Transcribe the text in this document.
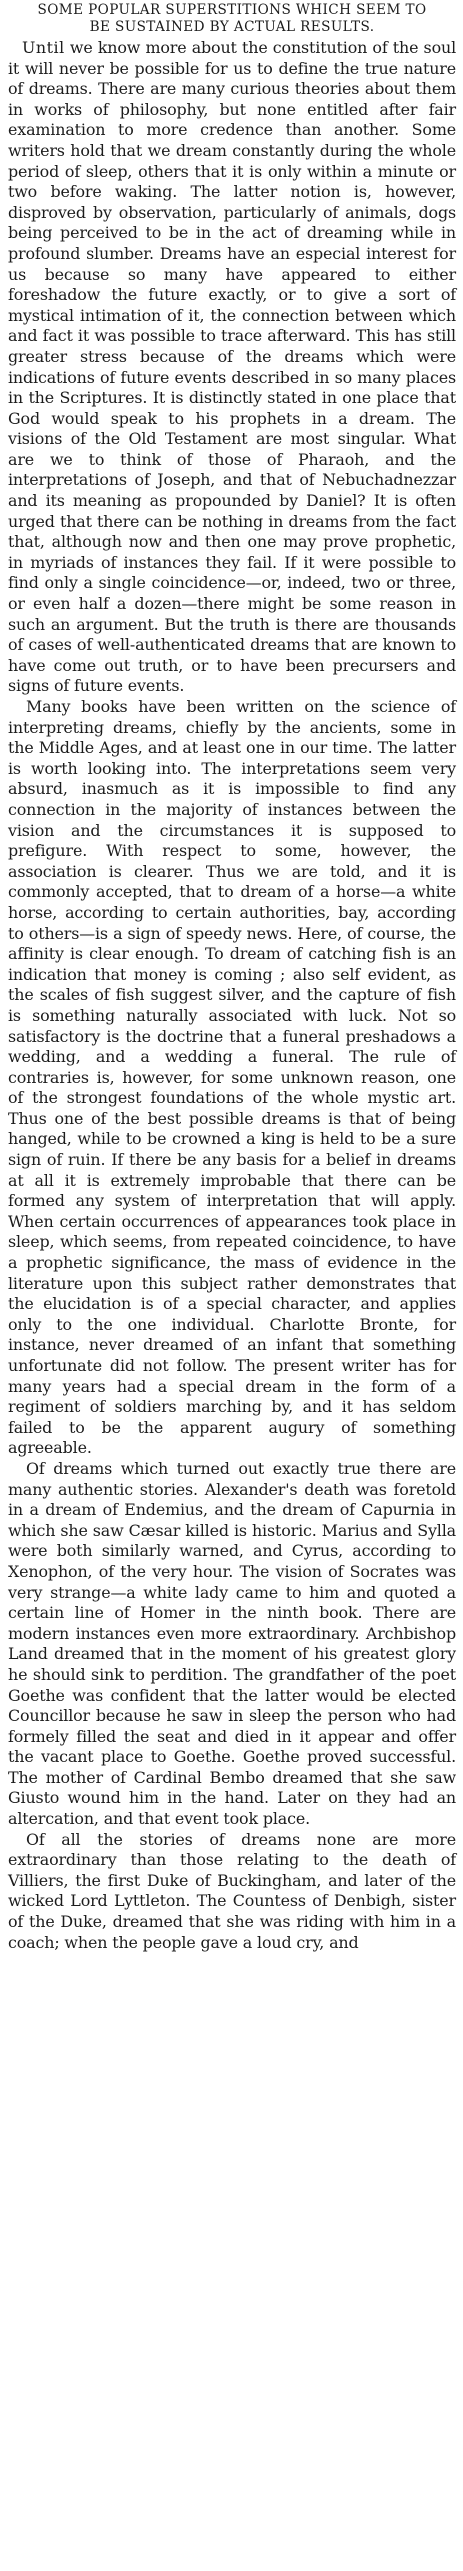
SOME POPULAR SUPERSTITIONS WHICH SEEM TO
BE SUSTAINED BY ACTUAL RESULTS.

Until we know more about the constitution of the soul it will never be possible for us to define the true nature of dreams. There are many curious theories about them in works of philosophy, but none entitled after fair examination to more credence than another. Some writers hold that we dream constantly during the whole period of sleep, others that it is only within a minute or two before waking. The latter notion is, however, disproved by observation, particularly of animals, dogs being perceived to be in the act of dreaming while in profound slumber. Dreams have an especial interest for us because so many have appeared to either foreshadow the future exactly, or to give a sort of mystical intimation of it, the connection between which and fact it was possible to trace afterward. This has still greater stress because of the dreams which were indications of future events described in so many places in the Scriptures. It is distinctly stated in one place that God would speak to his prophets in a dream. The visions of the Old Testament are most singular. What are we to think of those of Pharaoh, and the interpretations of Joseph, and that of Nebuchadnezzar and its meaning as propounded by Daniel? It is often urged that there can be nothing in dreams from the fact that, although now and then one may prove prophetic, in myriads of instances they fail. If it were possible to find only a single coincidence—or, indeed, two or three, or even half a dozen—there might be some reason in such an argument. But the truth is there are thousands of cases of well-authenticated dreams that are known to have come out truth, or to have been precursers and signs of future events.

Many books have been written on the science of interpreting dreams, chiefly by the ancients, some in the Middle Ages, and at least one in our time. The latter is worth looking into. The interpretations seem very absurd, inasmuch as it is impossible to find any connection in the majority of instances between the vision and the circumstances it is supposed to prefigure. With respect to some, however, the association is clearer. Thus we are told, and it is commonly accepted, that to dream of a horse—a white horse, according to certain authorities, bay, according to others—is a sign of speedy news. Here, of course, the affinity is clear enough. To dream of catching fish is an indication that money is coming ; also self evident, as the scales of fish suggest silver, and the capture of fish is something naturally associated with luck. Not so satisfactory is the doctrine that a funeral preshadows a wedding, and a wedding a funeral. The rule of contraries is, however, for some unknown reason, one of the strongest foundations of the whole mystic art. Thus one of the best possible dreams is that of being hanged, while to be crowned a king is held to be a sure sign of ruin. If there be any basis for a belief in dreams at all it is extremely improbable that there can be formed any system of interpretation that will apply. When certain occurrences of appearances took place in sleep, which seems, from repeated coincidence, to have a prophetic significance, the mass of evidence in the literature upon this subject rather demonstrates that the elucidation is of a special character, and applies only to the one individual. Charlotte Bronte, for instance, never dreamed of an infant that something unfortunate did not follow. The present writer has for many years had a special dream in the form of a regiment of soldiers marching by, and it has seldom failed to be the apparent augury of something agreeable.

Of dreams which turned out exactly true there are many authentic stories. Alexander's death was foretold in a dream of Endemius, and the dream of Capurnia in which she saw Cæsar killed is historic. Marius and Sylla were both similarly warned, and Cyrus, according to Xenophon, of the very hour. The vision of Socrates was very strange—a white lady came to him and quoted a certain line of Homer in the ninth book. There are modern instances even more extraordinary. Archbishop Land dreamed that in the moment of his greatest glory he should sink to perdition. The grandfather of the poet Goethe was confident that the latter would be elected Councillor because he saw in sleep the person who had formely filled the seat and died in it appear and offer the vacant place to Goethe. Goethe proved successful. The mother of Cardinal Bembo dreamed that she saw Giusto wound him in the hand. Later on they had an altercation, and that event took place.

Of all the stories of dreams none are more extraordinary than those relating to the death of Villiers, the first Duke of Buckingham, and later of the wicked Lord Lyttleton. The Countess of Denbigh, sister of the Duke, dreamed that she was riding with him in a coach; when the people gave a loud cry, and
